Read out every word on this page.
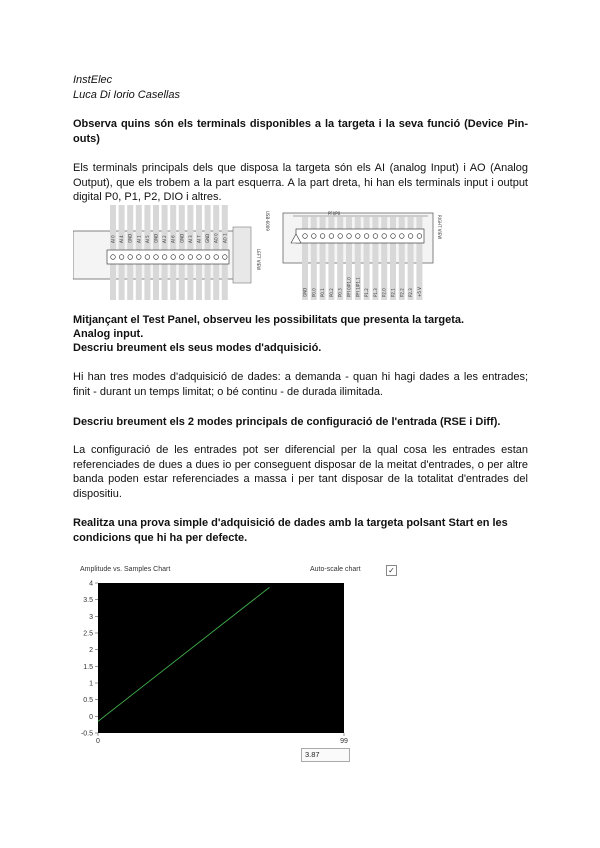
InstElec

Luca Di Iorio Casellas

Observa quins són els terminals disponibles a la targeta i la seva funció (Device Pin-outs)

Els terminals principals dels que disposa la targeta són els AI (analog Input) i AO (Analog Output), que els trobem a la part esquerra. A la part dreta, hi han els terminals input i output digital P0, P1, P2, DIO i altres.

AI 0 AI 4 GND AI 1 AI 5 GND AI 2 AI 6 GND AI 3 AI 7 GND AO 0 AO 1
LEFT VIEW
PFI/P0
GND P0.0 P0.1 P0.2 P0.3 PFI 0/P1.0 PFI 1/P1.1 P1.2 P1.3 P2.0 P2.1 P2.2 P2.3 +5 V
USB-6009	RIGHT VIEW

Mitjançant el Test Panel, observeu les possibilitats que presenta la targeta.

Analog input.

Descriu breument els seus modes d'adquisició.

Hi han tres modes d'adquisició de dades: a demanda - quan hi hagi dades a les entrades; finit - durant un temps limitat; o bé continu - de durada ilimitada.

Descriu breument els 2 modes principals de configuració de l'entrada (RSE i Diff).

La configuració de les entrades pot ser diferencial per la qual cosa les entrades estan referenciades de dues a dues io per conseguent disposar de la meitat d'entrades, o per altre banda poden estar referenciades a massa i per tant disposar de la totalitat d'entrades del dispositiu.

Realitza una prova simple d'adquisició de dades amb la targeta polsant Start en les condicions que hi ha per defecte.

Amplitude vs. Samples Chart	Auto-scale chart	✓
4
3.5
3
2.5
2
1.5
1
0.5
0
-0.5
0	99
3.87
